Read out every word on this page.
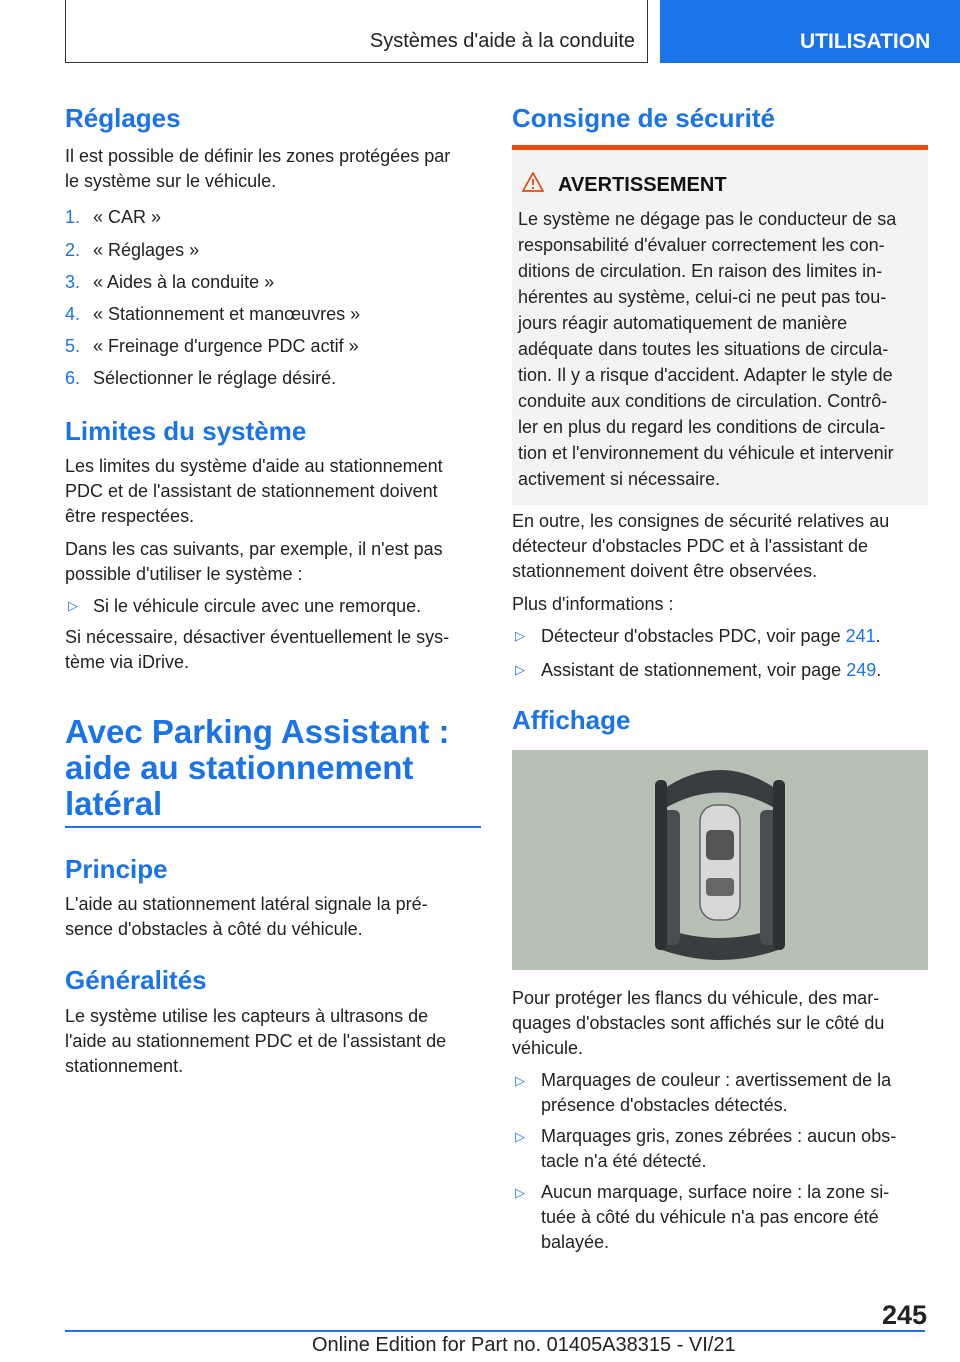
Systèmes d'aide à la conduite	UTILISATION
Réglages
Il est possible de définir les zones protégées par
le système sur le véhicule.
1. « CAR »
2. « Réglages »
3. « Aides à la conduite »
4. « Stationnement et manœuvres »
5. « Freinage d'urgence PDC actif »
6. Sélectionner le réglage désiré.
Limites du système
Les limites du système d'aide au stationnement
PDC et de l'assistant de stationnement doivent
être respectées.
Dans les cas suivants, par exemple, il n'est pas
possible d'utiliser le système :
▷ Si le véhicule circule avec une remorque.
Si nécessaire, désactiver éventuellement le sys-
tème via iDrive.
Avec Parking Assistant :
aide au stationnement
latéral
Principe
L'aide au stationnement latéral signale la pré-
sence d'obstacles à côté du véhicule.
Généralités
Le système utilise les capteurs à ultrasons de
l'aide au stationnement PDC et de l'assistant de
stationnement.
Consigne de sécurité
AVERTISSEMENT
Le système ne dégage pas le conducteur de sa
responsabilité d'évaluer correctement les con-
ditions de circulation. En raison des limites in-
hérentes au système, celui-ci ne peut pas tou-
jours réagir automatiquement de manière
adéquate dans toutes les situations de circula-
tion. Il y a risque d'accident. Adapter le style de
conduite aux conditions de circulation. Contrô-
ler en plus du regard les conditions de circula-
tion et l'environnement du véhicule et intervenir
activement si nécessaire.
En outre, les consignes de sécurité relatives au
détecteur d'obstacles PDC et à l'assistant de
stationnement doivent être observées.
Plus d'informations :
▷ Détecteur d'obstacles PDC, voir page 241.
▷ Assistant de stationnement, voir page 249.
Affichage
Pour protéger les flancs du véhicule, des mar-
quages d'obstacles sont affichés sur le côté du
véhicule.
▷ Marquages de couleur : avertissement de la
présence d'obstacles détectés.
▷ Marquages gris, zones zébrées : aucun obs-
tacle n'a été détecté.
▷ Aucun marquage, surface noire : la zone si-
tuée à côté du véhicule n'a pas encore été
balayée.
245
Online Edition for Part no. 01405A38315 - VI/21
